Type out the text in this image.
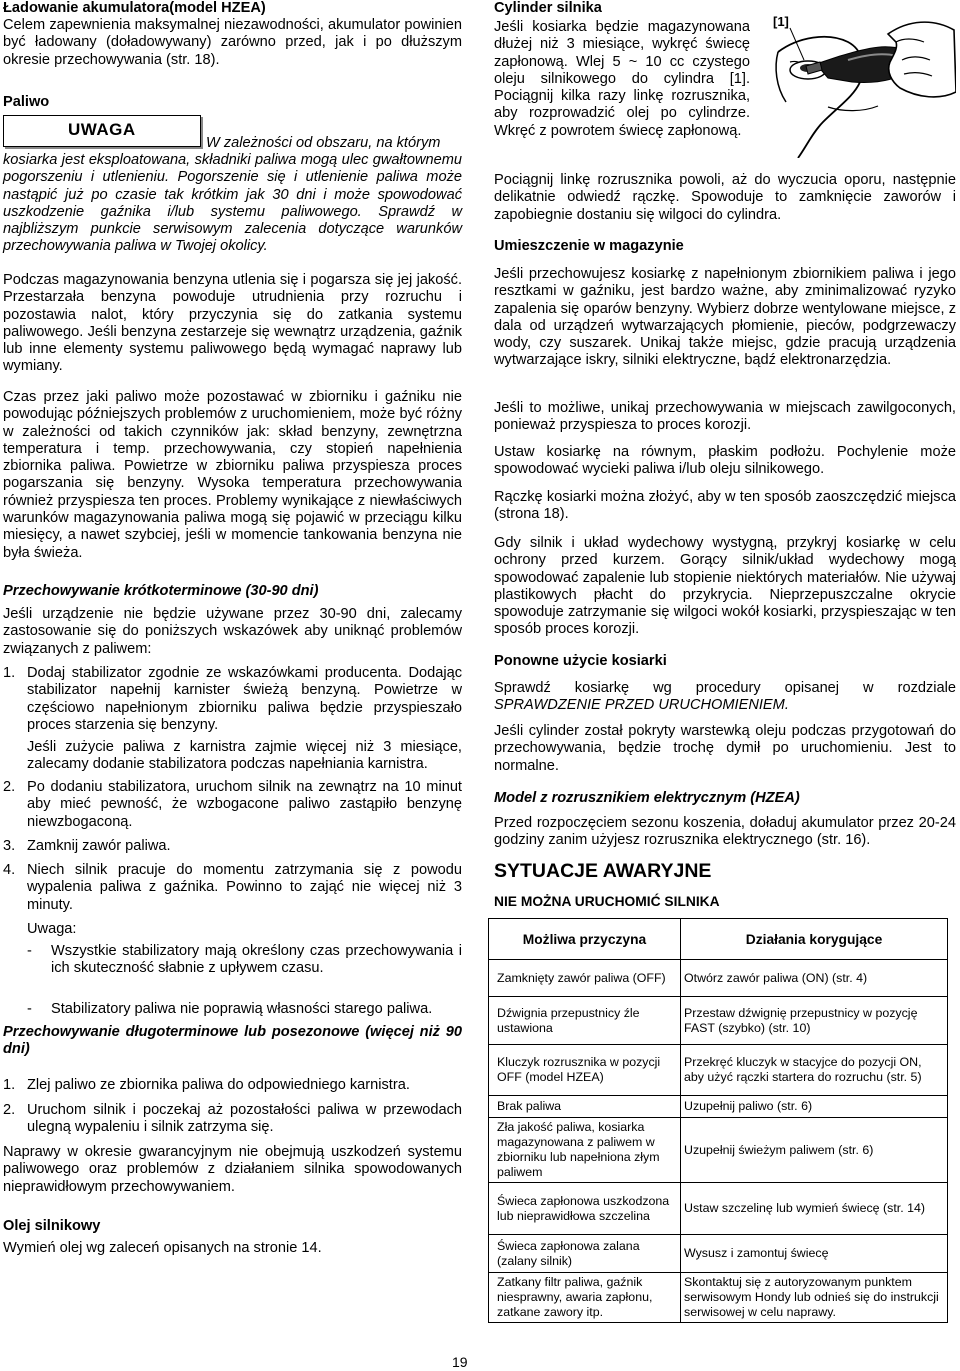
Ładowanie akumulatora(model HZEA)

Celem zapewnienia maksymalnej niezawodności, akumulator powinien być ładowany (doładowywany) zarówno przed, jak i po dłuższym okresie przechowywania (str. 18).

Paliwo

UWAGA

W zależności od obszaru, na którym

kosiarka jest eksploatowana, składniki paliwa mogą ulec gwałtownemu pogorszeniu i utlenieniu. Pogorszenie się i utlenienie paliwa może nastąpić już po czasie tak krótkim jak 30 dni i może spowodować uszkodzenie gaźnika i/lub systemu paliwowego. Sprawdź w najbliższym punkcie serwisowym zalecenia dotyczące warunków przechowywania paliwa w Twojej okolicy.

Podczas magazynowania benzyna utlenia się i pogarsza się jej jakość. Przestarzała benzyna powoduje utrudnienia przy rozruchu i pozostawia nalot, który przyczynia się do zatkania systemu paliwowego. Jeśli benzyna zestarzeje się wewnątrz urządzenia, gaźnik lub inne elementy systemu paliwowego będą wymagać naprawy lub wymiany.

Czas przez jaki paliwo może pozostawać w zbiorniku i gaźniku nie powodując późniejszych problemów z uruchomieniem, może być różny w zależności od takich czynników jak: skład benzyny, zewnętrzna temperatura i temp. przechowywania, czy stopień napełnienia zbiornika paliwa. Powietrze w zbiorniku paliwa przyspiesza proces pogarszania się benzyny. Wysoka temperatura przechowywania również przyspiesza ten proces. Problemy wynikające z niewłaściwych warunków magazynowania paliwa mogą się pojawić w przeciągu kilku miesięcy, a nawet szybciej, jeśli w momencie tankowania benzyna nie była świeża.

Przechowywanie krótkoterminowe (30-90 dni)

Jeśli urządzenie nie będzie używane przez 30-90 dni, zalecamy zastosowanie się do poniższych wskazówek aby uniknąć problemów związanych z paliwem:

1. Dodaj stabilizator zgodnie ze wskazówkami producenta. Dodając stabilizator napełnij karnister świeżą benzyną. Powietrze w częściowo napełnionym zbiorniku paliwa będzie przyspieszało proces starzenia się benzyny.

Jeśli zużycie paliwa z karnistra zajmie więcej niż 3 miesiące, zalecamy dodanie stabilizatora podczas napełniania karnistra.

2. Po dodaniu stabilizatora, uruchom silnik na zewnątrz na 10 minut aby mieć pewność, że wzbogacone paliwo zastąpiło benzynę niewzbogaconą.

3. Zamknij zawór paliwa.

4. Niech silnik pracuje do momentu zatrzymania się z powodu wypalenia paliwa z gaźnika. Powinno to zająć nie więcej niż 3 minuty.

Uwaga:

- Wszystkie stabilizatory mają określony czas przechowywania i ich skuteczność słabnie z upływem czasu.

- Stabilizatory paliwa nie poprawią własności starego paliwa.

Przechowywanie długoterminowe lub posezonowe (więcej niż 90 dni)

1. Zlej paliwo ze zbiornika paliwa do odpowiedniego karnistra.

2. Uruchom silnik i poczekaj aż pozostałości paliwa w przewodach ulegną wypaleniu i silnik zatrzyma się.

Naprawy w okresie gwarancyjnym nie obejmują uszkodzeń systemu paliwowego oraz problemów z działaniem silnika spowodowanych nieprawidłowym przechowywaniem.

Olej silnikowy

Wymień olej wg zaleceń opisanych na stronie 14.

Cylinder silnika

Jeśli kosiarka będzie magazynowana dłużej niż 3 miesiące, wykręć świecę zapłonową. Wlej 5 ~ 10 cc czystego oleju silnikowego do cylindra [1]. Pociągnij kilka razy linkę rozrusznika, aby rozprowadzić olej po cylindrze. Wkręć z powrotem świecę zapłonową.

[1]

Pociągnij linkę rozrusznika powoli, aż do wyczucia oporu, następnie delikatnie odwiedź rączkę. Spowoduje to zamknięcie zaworów i zapobiegnie dostaniu się wilgoci do cylindra.

Umieszczenie w magazynie

Jeśli przechowujesz kosiarkę z napełnionym zbiornikiem paliwa i jego resztkami w gaźniku, jest bardzo ważne, aby zminimalizować ryzyko zapalenia się oparów benzyny. Wybierz dobrze wentylowane miejsce, z dala od urządzeń wytwarzających płomienie, pieców, podgrzewaczy wody, czy suszarek. Unikaj także miejsc, gdzie pracują urządzenia wytwarzające iskry, silniki elektryczne, bądź elektronarzędzia.

Jeśli to możliwe, unikaj przechowywania w miejscach zawilgoconych, ponieważ przyspiesza to proces korozji.

Ustaw kosiarkę na równym, płaskim podłożu. Pochylenie może spowodować wycieki paliwa i/lub oleju silnikowego.

Rączkę kosiarki można złożyć, aby w ten sposób zaoszczędzić miejsca (strona 18).

Gdy silnik i układ wydechowy wystygną, przykryj kosiarkę w celu ochrony przed kurzem. Gorący silnik/układ wydechowy mogą spowodować zapalenie lub stopienie niektórych materiałów. Nie używaj plastikowych płacht do przykrycia. Nieprzepuszczalne okrycie spowoduje zatrzymanie się wilgoci wokół kosiarki, przyspieszając w ten sposób proces korozji.

Ponowne użycie kosiarki

Sprawdź kosiarkę wg procedury opisanej w rozdziale

SPRAWDZENIE PRZED URUCHOMIENIEM.

Jeśli cylinder został pokryty warstewką oleju podczas przygotowań do przechowywania, będzie trochę dymił po uruchomieniu. Jest to normalne.

Model z rozrusznikiem elektrycznym (HZEA)

Przed rozpoczęciem sezonu koszenia, doładuj akumulator przez 20-24 godziny zanim użyjesz rozrusznika elektrycznego (str. 16).

SYTUACJE AWARYJNE

NIE MOŻNA URUCHOMIĆ SILNIKA

Możliwa przyczyna	Działania korygujące
Zamknięty zawór paliwa (OFF)	Otwórz zawór paliwa (ON) (str. 4)
Dźwignia przepustnicy źle ustawiona	Przestaw dźwignię przepustnicy w pozycję FAST (szybko) (str. 10)
Kluczyk rozrusznika w pozycji OFF (model HZEA)	Przekręć kluczyk w stacyjce do pozycji ON, aby użyć rączki startera do rozruchu (str. 5)
Brak paliwa	Uzupełnij paliwo (str. 6)
Zła jakość paliwa, kosiarka magazynowana z paliwem w zbiorniku lub napełniona złym paliwem	Uzupełnij świeżym paliwem (str. 6)
Świeca zapłonowa uszkodzona lub nieprawidłowa szczelina	Ustaw szczelinę lub wymień świecę (str. 14)
Świeca zapłonowa zalana (zalany silnik)	Wysusz i zamontuj świecę
Zatkany filtr paliwa, gaźnik niesprawny, awaria zapłonu, zatkane zawory itp.	Skontaktuj się z autoryzowanym punktem serwisowym Hondy lub odnieś się do instrukcji serwisowej w celu naprawy.
19
